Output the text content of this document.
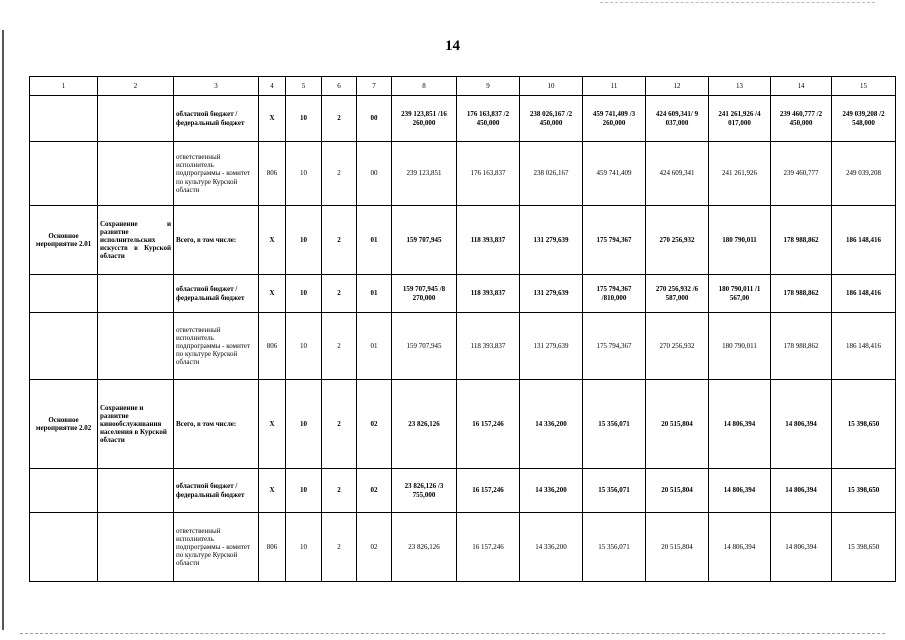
14
1	2	3	4	5	6	7	8	9	10	11	12	13	14	15
		областной бюджет /федеральный бюджет	X	10	2	00	239 123,851 /16 260,000	176 163,837 /2 450,000	238 026,167 /2 450,000	459 741,409 /3 260,000	424 609,341/ 9 037,000	241 261,926 /4 017,000	239 460,777 /2 450,000	249 039,208 /2 548,000
		ответственный исполнитель подпрограммы - комитет по культуре Курской области	806	10	2	00	239 123,851	176 163,837	238 026,167	459 741,409	424 609,341	241 261,926	239 460,777	249 039,208
Основное мероприятие 2.01	Сохранение и развитие исполнительских искусств в Курской области	Всего, в том числе:	X	10	2	01	159 707,945	118 393,837	131 279,639	175 794,367	270 256,932	180 790,011	178 988,862	186 148,416
		областной бюджет /федеральный бюджет	X	10	2	01	159 707,945 /8 270,000	118 393,837	131 279,639	175 794,367 /810,000	270 256,932 /6 587,000	180 790,011 /1 567,00	178 988,862	186 148,416
		ответственный исполнитель подпрограммы - комитет по культуре Курской области	806	10	2	01	159 707,945	118 393,837	131 279,639	175 794,367	270 256,932	180 790,011	178 988,862	186 148,416
Основное мероприятие 2.02	Сохранение и развитие кинообслуживания населения в Курской области	Всего, в том числе:	X	10	2	02	23 826,126	16 157,246	14 336,200	15 356,071	20 515,804	14 806,394	14 806,394	15 398,650
		областной бюджет /федеральный бюджет	X	10	2	02	23 826,126 /3 755,000	16 157,246	14 336,200	15 356,071	20 515,804	14 806,394	14 806,394	15 398,650
		ответственный исполнитель подпрограммы - комитет по культуре Курской области	806	10	2	02	23 826,126	16 157,246	14 336,200	15 356,071	20 515,804	14 806,394	14 806,394	15 398,650
